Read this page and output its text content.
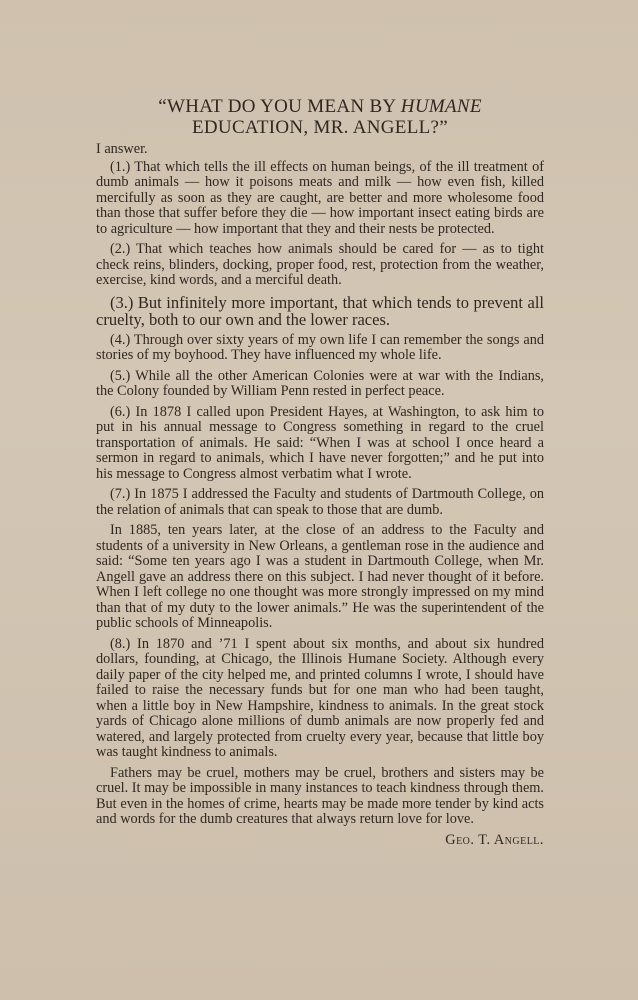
“WHAT DO YOU MEAN BY HUMANE
EDUCATION, MR. ANGELL?”
I answer.

(1.) That which tells the ill effects on human beings, of the ill treatment of dumb animals — how it poisons meats and milk — how even fish, killed mercifully as soon as they are caught, are better and more wholesome food than those that suffer before they die — how important insect eating birds are to agriculture — how important that they and their nests be protected.

(2.) That which teaches how animals should be cared for — as to tight check reins, blinders, docking, proper food, rest, protection from the weather, exercise, kind words, and a merciful death.

(3.) But infinitely more important, that which tends to prevent all cruelty, both to our own and the lower races.

(4.) Through over sixty years of my own life I can remember the songs and stories of my boyhood. They have influenced my whole life.

(5.) While all the other American Colonies were at war with the Indians, the Colony founded by William Penn rested in perfect peace.

(6.) In 1878 I called upon President Hayes, at Washington, to ask him to put in his annual message to Congress something in regard to the cruel transportation of animals. He said: “When I was at school I once heard a sermon in regard to animals, which I have never forgotten;” and he put into his message to Congress almost verbatim what I wrote.

(7.) In 1875 I addressed the Faculty and students of Dartmouth College, on the relation of animals that can speak to those that are dumb.

In 1885, ten years later, at the close of an address to the Faculty and students of a university in New Orleans, a gentleman rose in the audience and said: “Some ten years ago I was a student in Dartmouth College, when Mr. Angell gave an address there on this subject. I had never thought of it before. When I left college no one thought was more strongly impressed on my mind than that of my duty to the lower animals.” He was the superintendent of the public schools of Minneapolis.

(8.) In 1870 and ’71 I spent about six months, and about six hundred dollars, founding, at Chicago, the Illinois Humane Society. Although every daily paper of the city helped me, and printed columns I wrote, I should have failed to raise the necessary funds but for one man who had been taught, when a little boy in New Hampshire, kindness to animals. In the great stock yards of Chicago alone millions of dumb animals are now properly fed and watered, and largely protected from cruelty every year, because that little boy was taught kindness to animals.

Fathers may be cruel, mothers may be cruel, brothers and sisters may be cruel. It may be impossible in many instances to teach kindness through them. But even in the homes of crime, hearts may be made more tender by kind acts and words for the dumb creatures that always return love for love.

Geo. T. Angell.
